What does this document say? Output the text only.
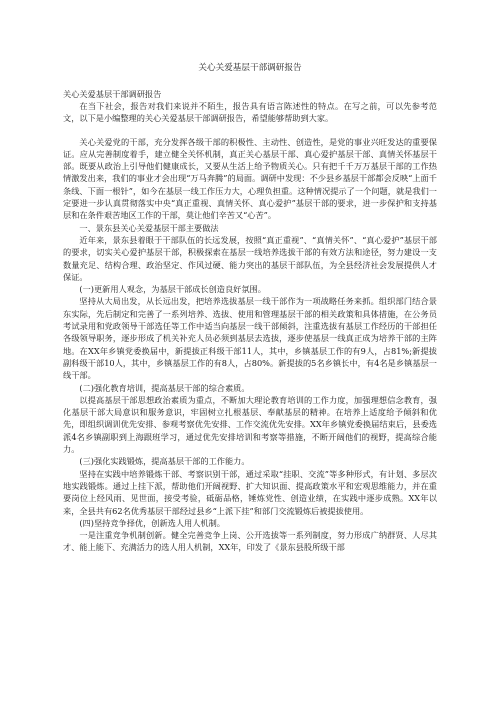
关心关爱基层干部调研报告

关心关爱基层干部调研报告

在当下社会，报告对我们来说并不陌生，报告具有语言陈述性的特点。在写之前，可以先参考范文，以下是小编整理的关心关爱基层干部调研报告，希望能够帮助到大家。

关心关爱党的干部，充分发挥各级干部的积极性、主动性、创造性，是党的事业兴旺发达的重要保证。应从完善制度着手，建立健全关怀机制，真正关心基层干部、真心爱护基层干部、真情关怀基层干部。既要从政治上引导他们健康成长，又要从生活上给予物质关心。只有把千千万万基层干部的工作热情激发出来，我们的事业才会出现“万马奔腾”的局面。调研中发现：不少县乡基层干部都会反映“上面千条线、下面一根针”，如今在基层一线工作压力大，心理负担重。这种情况提示了一个问题，就是我们一定要进一步认真贯彻落实中央“真正重视、真情关怀、真心爱护”基层干部的要求，进一步保护和支持基层和在条件艰苦地区工作的干部，莫让他们辛苦又“心苦”。

一、景东县关心关爱基层干部主要做法

近年来，景东县着眼于干部队伍的长远发展，按照“真正重视”、“真情关怀”、“真心爱护”基层干部的要求，切实关心爱护基层干部，积极探索在基层一线培养选拔干部的有效方法和途径，努力建设一支数量充足、结构合理、政治坚定、作风过硬、能力突出的基层干部队伍，为全县经济社会发展提供人才保证。

(一)更新用人观念，为基层干部成长创造良好氛围。

坚持从大局出发，从长远出发，把培养选拔基层一线干部作为一项战略任务来抓。组织部门结合景东实际，先后制定和完善了一系列培养、选拔、使用和管理基层干部的相关政策和具体措施，在公务员考试录用和党政领导干部选任等工作中适当向基层一线干部倾斜，注重选拔有基层工作经历的干部担任各级领导职务，逐步形成了机关补充人员必须到基层去选拔，逐步使基层一线真正成为培养干部的主阵地。在XX年乡镇党委换届中，新提拔正科级干部11人，其中，乡镇基层工作的有9人，占81%;新提拔副科级干部10人，其中，乡镇基层工作的有8人，占80%。新提拔的5名乡镇长中，有4名是乡镇基层一线干部。

(二)强化教育培训，提高基层干部的综合素质。

以提高基层干部思想政治素质为重点，不断加大理论教育培训的工作力度，加强理想信念教育，强化基层干部大局意识和服务意识，牢固树立扎根基层、奉献基层的精神。在培养上适度给予倾斜和优先，即组织调训优先安排、参观考察优先安排、工作交流优先安排。XX年乡镇党委换届结束后，县委选派4名乡镇副职到上海跟班学习，通过优先安排培训和考察等措施，不断开阔他们的视野，提高综合能力。

(三)强化实践锻炼，提高基层干部的工作能力。

坚持在实践中培养锻炼干部、考察识别干部，通过采取“挂职、交流”等多种形式，有计划、多层次地实践锻炼。通过上挂下派，帮助他们开阔视野、扩大知识面、提高政策水平和宏观思维能力，并在重要岗位上经风雨、见世面，接受考验，砥砺品格，锤炼党性、创造业绩，在实践中逐步成熟。XX年以来，全县共有62名优秀基层干部经过县乡“上派下挂”和部门交流锻炼后被提拔使用。

(四)坚持竞争择优，创新选人用人机制。

一是注重竞争机制创新。健全完善竞争上岗、公开选拔等一系列制度，努力形成广纳群贤、人尽其才、能上能下、充满活力的选人用人机制，XX年，印发了《景东县股所级干部
